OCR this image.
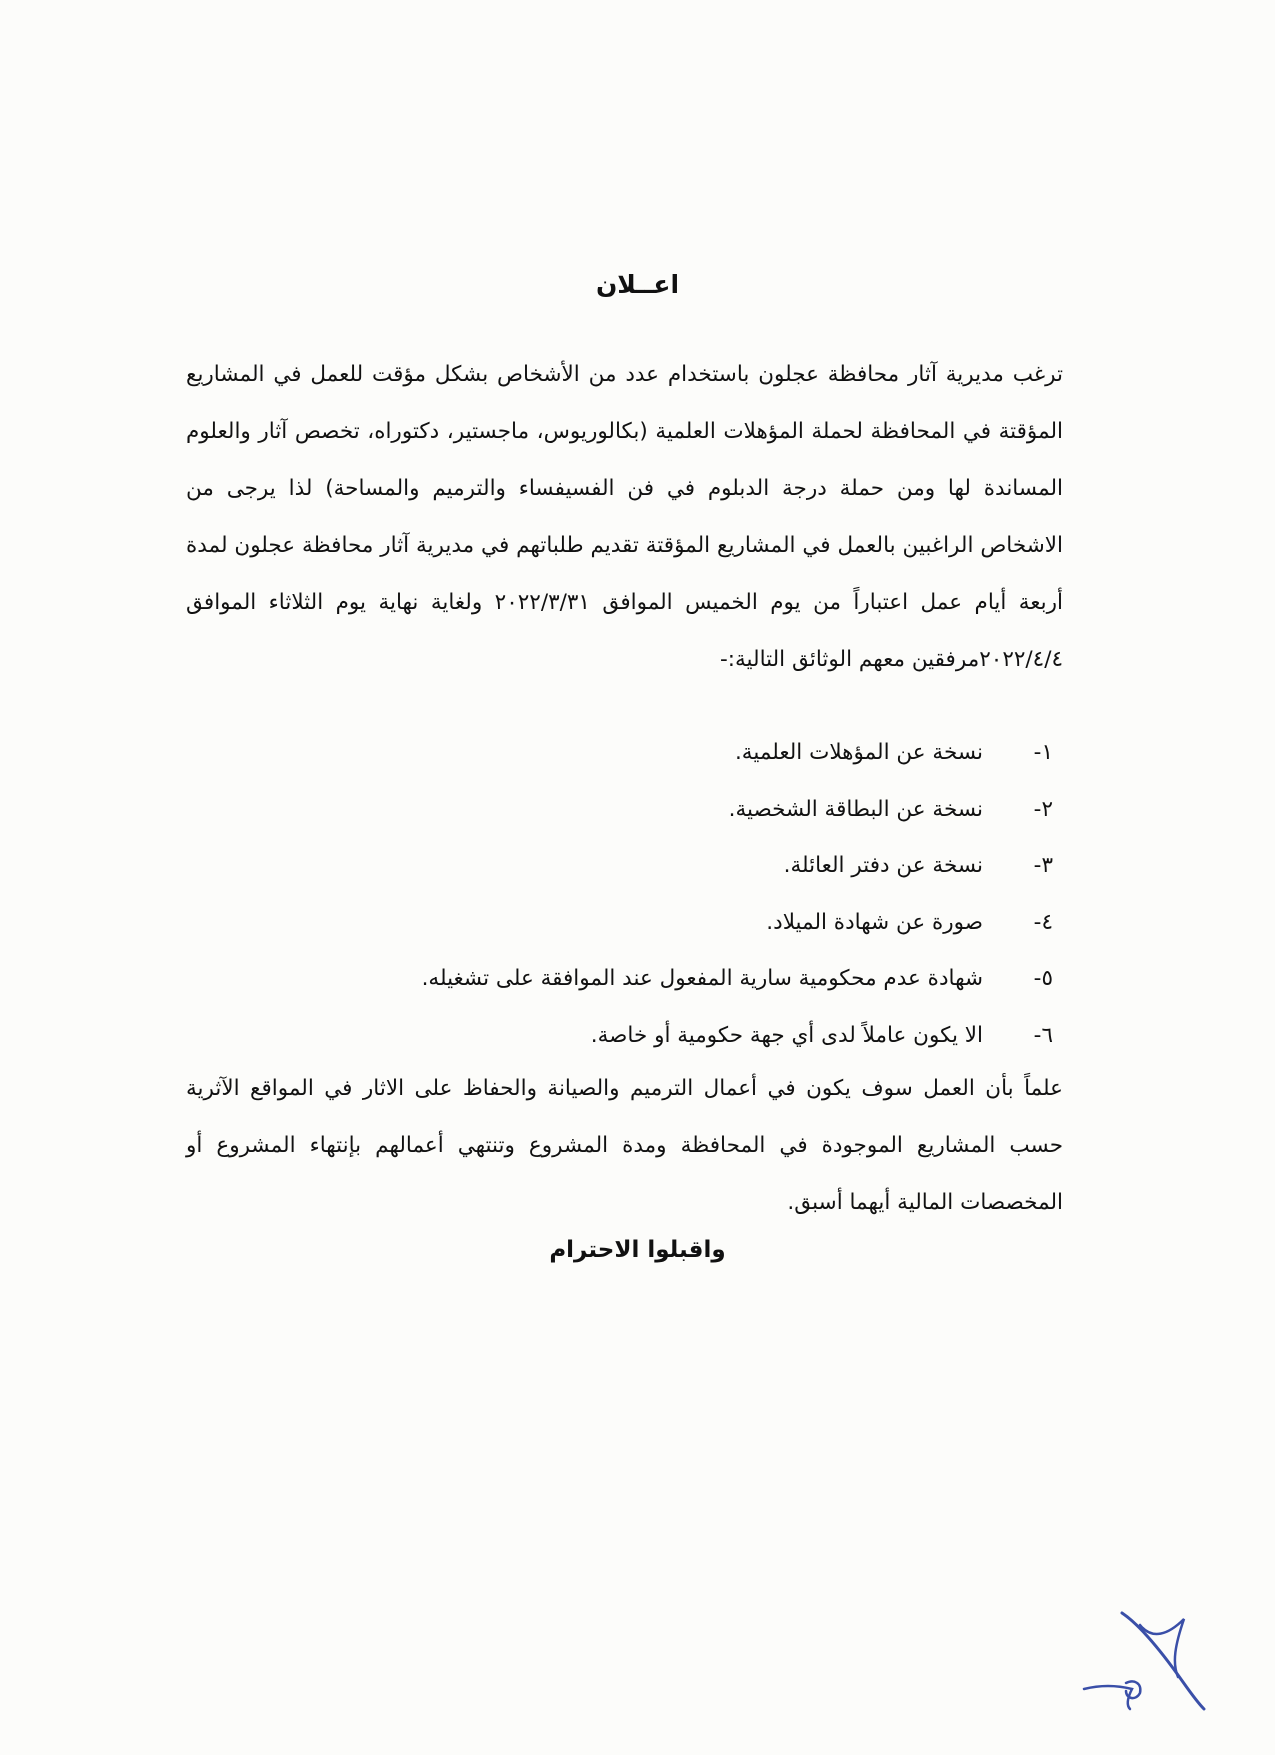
اعــلان

ترغب مديرية آثار محافظة عجلون باستخدام عدد من الأشخاص بشكل مؤقت للعمل في المشاريع المؤقتة في المحافظة لحملة المؤهلات العلمية (بكالوريوس، ماجستير، دكتوراه، تخصص آثار والعلوم المساندة لها ومن حملة درجة الدبلوم في فن الفسيفساء والترميم والمساحة) لذا يرجى من الاشخاص الراغبين بالعمل في المشاريع المؤقتة تقديم طلباتهم في مديرية آثار محافظة عجلون لمدة أربعة أيام عمل اعتباراً من يوم الخميس الموافق ٢٠٢٢/٣/٣١ ولغاية نهاية يوم الثلاثاء الموافق ٢٠٢٢/٤/٤مرفقين معهم الوثائق التالية:-

١-
نسخة عن المؤهلات العلمية.
٢-
نسخة عن البطاقة الشخصية.
٣-
نسخة عن دفتر العائلة.
٤-
صورة عن شهادة الميلاد.
٥-
شهادة عدم محكومية سارية المفعول عند الموافقة على تشغيله.
٦-
الا يكون عاملاً لدى أي جهة حكومية أو خاصة.

علماً بأن العمل سوف يكون في أعمال الترميم والصيانة والحفاظ على الاثار في المواقع الآثرية حسب المشاريع الموجودة في المحافظة ومدة المشروع وتنتهي أعمالهم بإنتهاء المشروع أو المخصصات المالية أيهما أسبق.

واقبلوا الاحترام
